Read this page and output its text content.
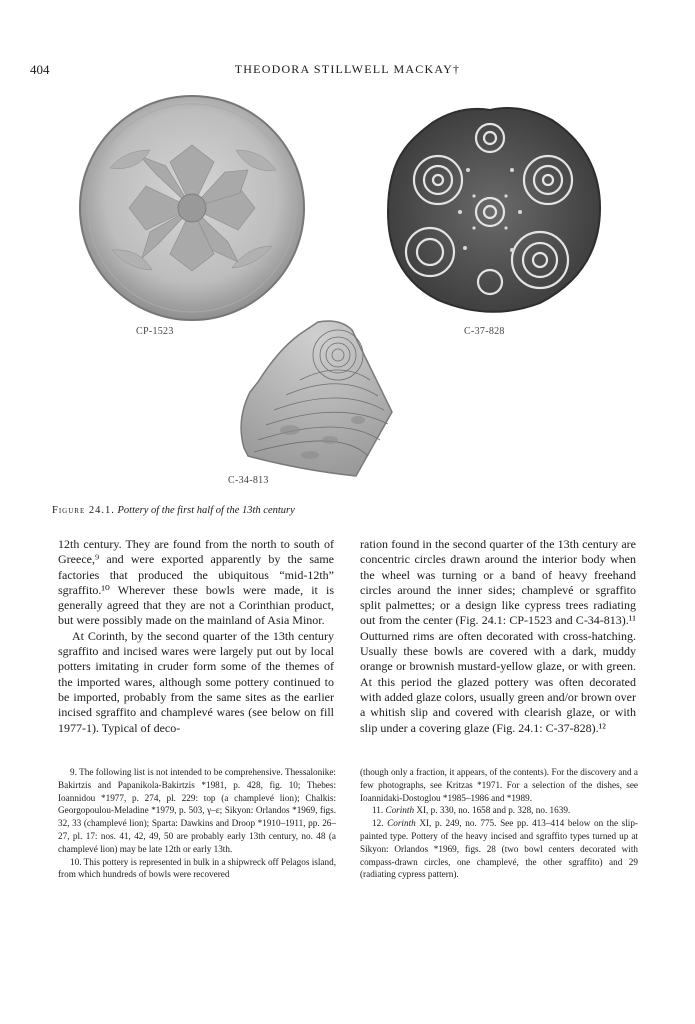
404	THEODORA STILLWELL MACKAY†
CP-1523	C-37-828
C-34-813
Figure 24.1. Pottery of the first half of the 13th century

12th century. They are found from the north to south of Greece,⁹ and were exported apparently by the same factories that produced the ubiquitous “mid-12th” sgraffito.¹⁰ Wherever these bowls were made, it is generally agreed that they are not a Corinthian product, but were possibly made on the mainland of Asia Minor.

At Corinth, by the second quarter of the 13th century sgraffito and incised wares were largely put out by local potters imitating in cruder form some of the themes of the imported wares, although some pottery continued to be imported, probably from the same sites as the earlier incised sgraffito and champlevé wares (see below on fill 1977-1). Typical of deco-

ration found in the second quarter of the 13th century are concentric circles drawn around the interior body when the wheel was turning or a band of heavy freehand circles around the inner sides; champlevé or sgraffito split palmettes; or a design like cypress trees radiating out from the center (Fig. 24.1: CP-1523 and C-34-813).¹¹ Outturned rims are often decorated with cross-hatching. Usually these bowls are covered with a dark, muddy orange or brownish mustard-yellow glaze, or with green. At this period the glazed pottery was often decorated with added glaze colors, usually green and/or brown over a whitish slip and covered with clearish glaze, or with slip under a covering glaze (Fig. 24.1: C-37-828).¹²

9. The following list is not intended to be comprehensive. Thessalonike: Bakirtzis and Papanikola-Bakirtzis *1981, p. 428, fig. 10; Thebes: Ioannidou *1977, p. 274, pl. 229: top (a champlevé lion); Chalkis: Georgopoulou-Meladine *1979, p. 503, γ–ε; Sikyon: Orlandos *1969, figs. 32, 33 (champlevé lion); Sparta: Dawkins and Droop *1910–1911, pp. 26–27, pl. 17: nos. 41, 42, 49, 50 are probably early 13th century, no. 48 (a champlevé lion) may be late 12th or early 13th.

10. This pottery is represented in bulk in a shipwreck off Pelagos island, from which hundreds of bowls were recovered

(though only a fraction, it appears, of the contents). For the discovery and a few photographs, see Kritzas *1971. For a selection of the dishes, see Ioannidaki-Dostoglou *1985–1986 and *1989.

11. Corinth XI, p. 330, no. 1658 and p. 328, no. 1639.

12. Corinth XI, p. 249, no. 775. See pp. 413–414 below on the slip-painted type. Pottery of the heavy incised and sgraffito types turned up at Sikyon: Orlandos *1969, figs. 28 (two bowl centers decorated with compass-drawn circles, one champlevé, the other sgraffito) and 29 (radiating cypress pattern).
